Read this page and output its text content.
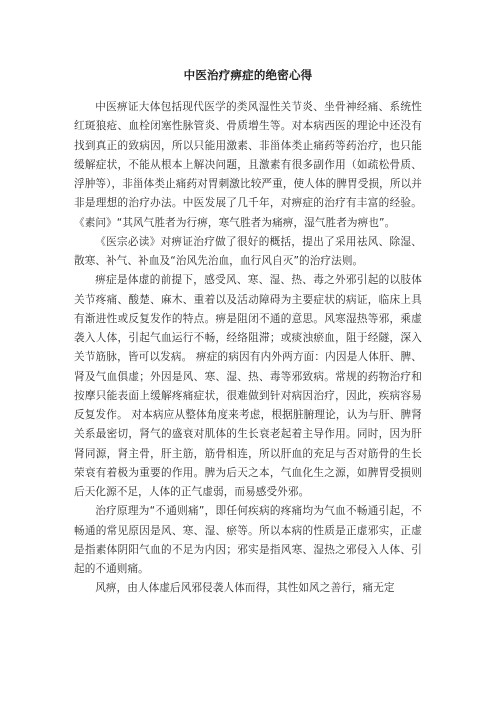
中医治疗痹症的绝密心得

中医痹证大体包括现代医学的类风湿性关节炎、坐骨神经痛、系统性红斑狼疮、血栓闭塞性脉管炎、骨质增生等。对本病西医的理论中还没有找到真正的致病因，所以只能用激素、非甾体类止痛药等药治疗，也只能缓解症状，不能从根本上解决问题，且激素有很多副作用（如疏松骨质、浮肿等），非甾体类止痛药对胃刺激比较严重，使人体的脾胃受损，所以并非是理想的治疗办法。中医发展了几千年，对痹症的治疗有丰富的经验。《素问》“其风气胜者为行痹，寒气胜者为痛痹，湿气胜者为痹也”。

《医宗必读》对痹证治疗做了很好的概括，提出了采用祛风、除湿、散寒、补气、补血及“治风先治血，血行风自灭”的治疗法则。

痹症是体虚的前提下，感受风、寒、湿、热、毒之外邪引起的以肢体关节疼痛、酸楚、麻木、重着以及活动障碍为主要症状的病证，临床上具有渐进性或反复发作的特点。痹是阻闭不通的意思。风寒湿热等邪，乘虚袭入人体，引起气血运行不畅，经络阻滞；或痰浊瘀血，阻于经隧，深入关节筋脉，皆可以发病。 痹症的病因有内外两方面：内因是人体肝、脾、肾及气血俱虚；外因是风、寒、湿、热、毒等邪致病。常规的药物治疗和按摩只能表面上缓解疼痛症状，很难做到针对病因治疗，因此，疾病容易反复发作。 对本病应从整体角度来考虑，根据脏腑理论，认为与肝、脾肾关系最密切，肾气的盛衰对肌体的生长衰老起着主导作用。同时，因为肝肾同源，肾主骨，肝主筋，筋骨相连，所以肝血的充足与否对筋骨的生长荣衰有着极为重要的作用。脾为后天之本，气血化生之源，如脾胃受损则后天化源不足，人体的正气虚弱，而易感受外邪。

治疗原理为“不通则痛”，即任何疾病的疼痛均为气血不畅通引起，不畅通的常见原因是风、寒、湿、瘀等。所以本病的性质是正虚邪实，正虚是指素体阴阳气血的不足为内因；邪实是指风寒、湿热之邪侵入人体、引起的不通则痛。

风痹，由人体虚后风邪侵袭人体而得，其性如风之善行，痛无定
